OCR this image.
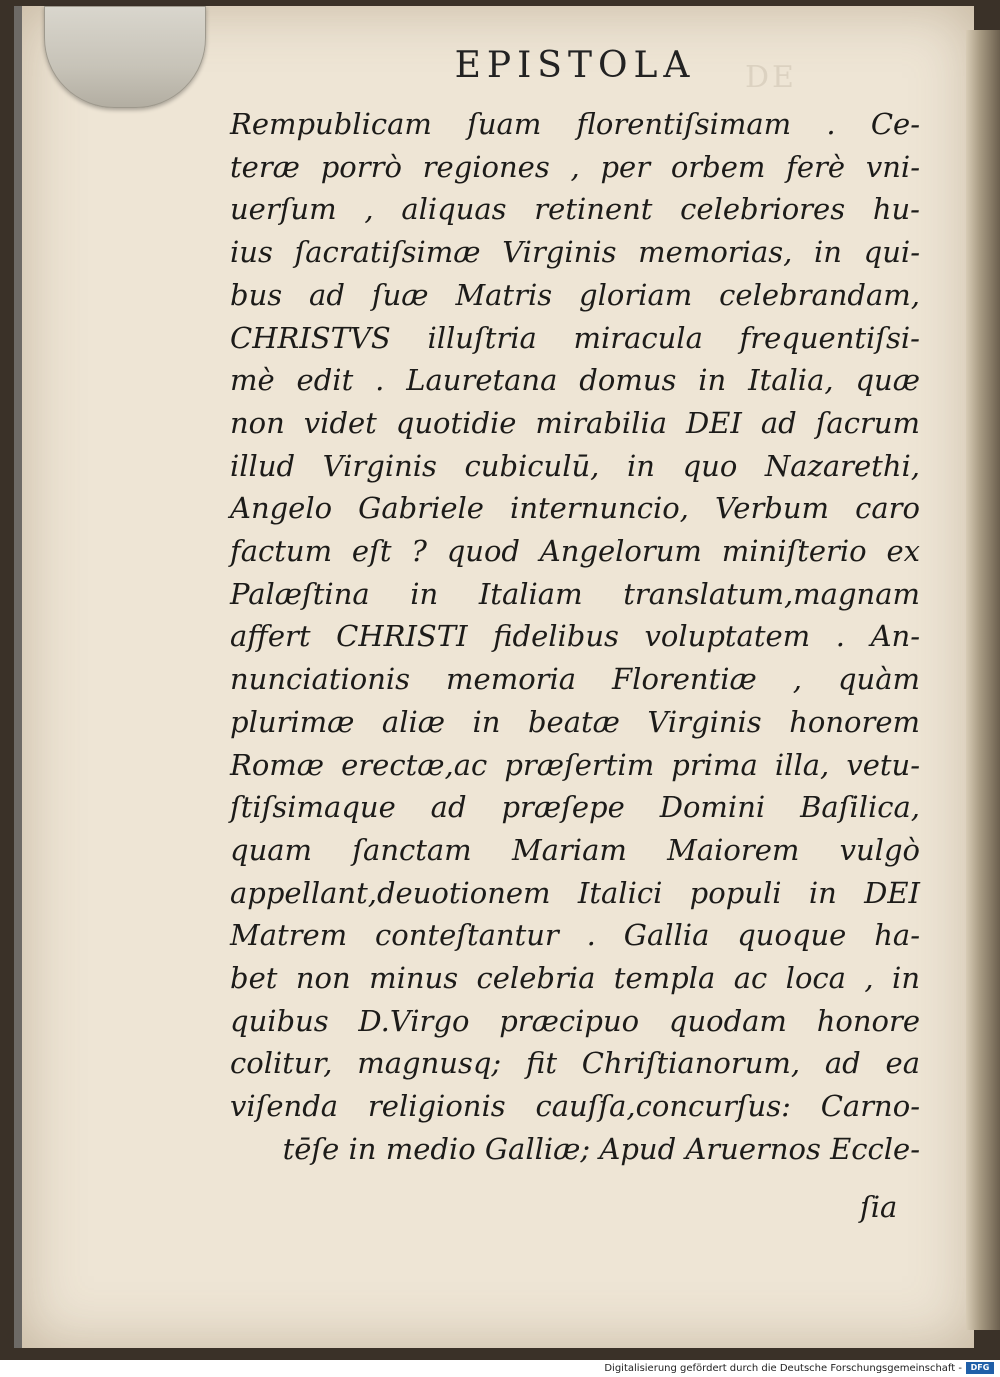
DE
EPISTOLA
Rempublicam ſuam florentiſsimam . Ce-
teræ porrò regiones , per orbem ferè vni-
uerſum , aliquas retinent celebriores hu-
ius ſacratiſsimæ Virginis memorias, in qui-
bus ad ſuæ Matris gloriam celebrandam,
CHRISTVS illuſtria miracula frequentiſsi-
mè edit . Lauretana domus in Italia, quæ
non videt quotidie mirabilia DEI ad ſacrum
illud Virginis cubiculū, in quo Nazarethi,
Angelo Gabriele internuncio, Verbum caro
factum eſt ? quod Angelorum miniſterio ex
Palæſtina in Italiam translatum,magnam
affert CHRISTI fidelibus voluptatem . An-
nunciationis memoria Florentiæ , quàm
plurimæ aliæ in beatæ Virginis honorem
Romæ erectæ,ac præſertim prima illa, vetu-
ſtiſsimaque ad præſepe Domini Baſilica,
quam ſanctam Mariam Maiorem vulgò
appellant,deuotionem Italici populi in DEI
Matrem conteſtantur . Gallia quoque ha-
bet non minus celebria templa ac loca , in
quibus D.Virgo præcipuo quodam honore
colitur, magnusq; fit Chriſtianorum, ad ea
viſenda religionis cauſſa,concurſus: Carno-
tēſe in medio Galliæ; Apud Aruernos Eccle-
ſia
Digitalisierung gefördert durch die Deutsche Forschungsgemeinschaft -	DFG
